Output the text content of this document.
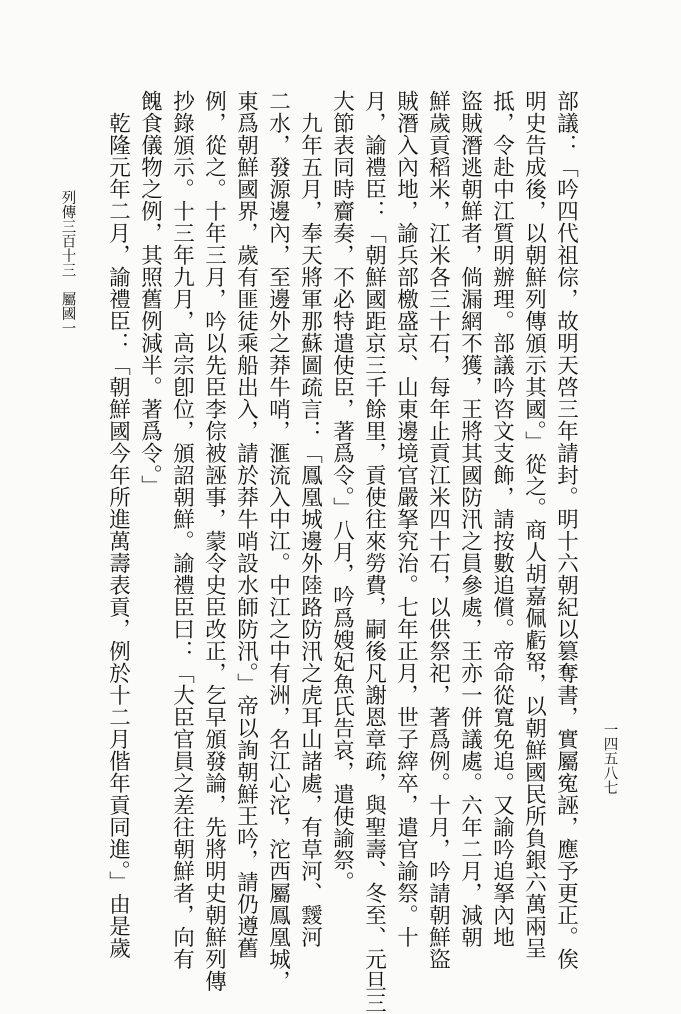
部議：「吟四代祖倧，故明天啓三年請封。明十六朝紀以篡奪書，實屬寃誣，應予更正。俟
明史告成後，以朝鮮列傳頒示其國。」從之。商人胡嘉佩虧帑，以朝鮮國民所負銀六萬兩呈
抵，令赴中江質明辦理。部議吟咨文支飾，請按數追償。帝命從寬免追。又諭吟追拏內地
盜賊潛逃朝鮮者，倘漏網不獲，王將其國防汛之員參處，王亦一併議處。六年二月，減朝
鮮歲貢稻米，江米各三十石，每年止貢江米四十石，以供祭祀，著爲例。十月，吟請朝鮮盜
賊潛入內地，諭兵部檄盛京、山東邊境官嚴拏究治。七年正月，世子縡卒，遣官諭祭。十
月，諭禮臣：「朝鮮國距京三千餘里，貢使往來勞費，嗣後凡謝恩章疏，與聖壽、冬至、元旦三
大節表同時齎奏，不必特遣使臣，著爲令。」八月，吟爲嫂妃魚氏告哀，遣使諭祭。
九年五月，奉天將軍那蘇圖疏言：「鳳凰城邊外陸路防汛之虎耳山諸處，有草河、靉河
二水，發源邊內，至邊外之莽牛哨，滙流入中江。中江之中有洲，名江心沱，沱西屬鳳凰城，
東爲朝鮮國界，歲有匪徒乘船出入，請於莽牛哨設水師防汛。」帝以詢朝鮮王吟，請仍遵舊
例，從之。十年三月，吟以先臣李倧被誣事，蒙令史臣改正，乞早頒發論，先將明史朝鮮列傳
抄錄頒示。十三年九月，高宗卽位，頒詔朝鮮。諭禮臣曰：「大臣官員之差往朝鮮者，向有
餽食儀物之例，其照舊例減半。著爲令。」
乾隆元年二月，諭禮臣：「朝鮮國今年所進萬壽表貢，例於十二月偕年貢同進。」由是歲
列傳三百十三　屬國一
一四五八七
